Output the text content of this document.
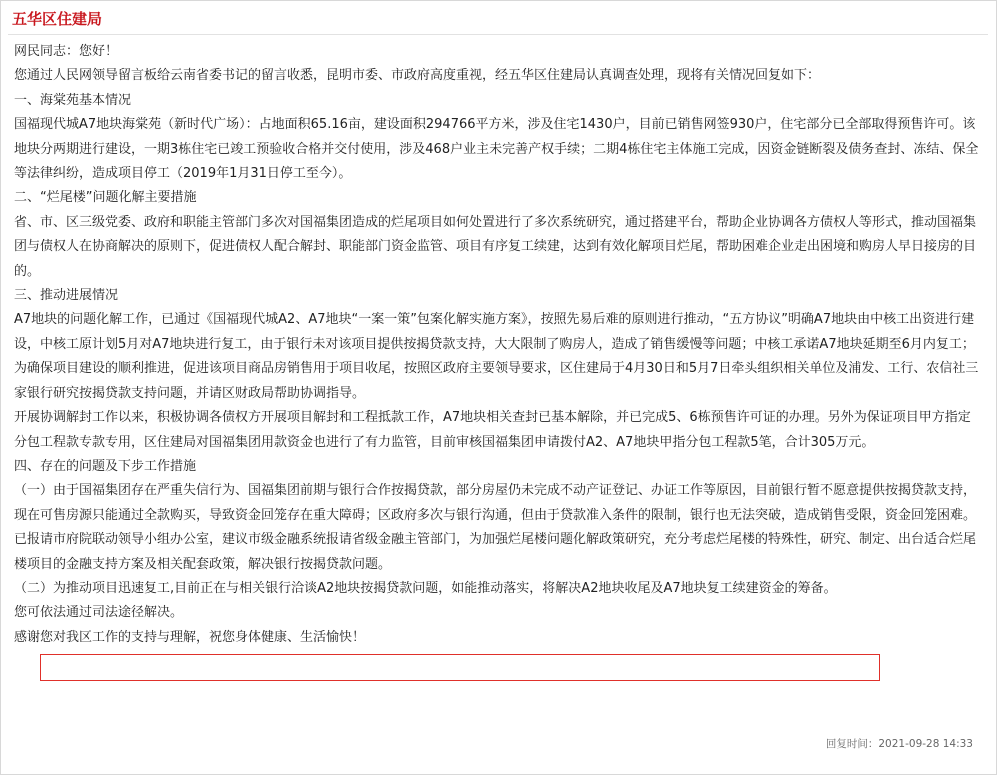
五华区住建局

网民同志：您好！

您通过人民网领导留言板给云南省委书记的留言收悉，昆明市委、市政府高度重视，经五华区住建局认真调查处理，现将有关情况回复如下：

一、海棠苑基本情况

国福现代城A7地块海棠苑（新时代广场）：占地面积65.16亩，建设面积294766平方米，涉及住宅1430户，目前已销售网签930户，住宅部分已全部取得预售许可。该地块分两期进行建设，一期3栋住宅已竣工预验收合格并交付使用，涉及468户业主未完善产权手续；二期4栋住宅主体施工完成，因资金链断裂及债务查封、冻结、保全等法律纠纷，造成项目停工（2019年1月31日停工至今）。

二、“烂尾楼”问题化解主要措施

省、市、区三级党委、政府和职能主管部门多次对国福集团造成的烂尾项目如何处置进行了多次系统研究，通过搭建平台，帮助企业协调各方债权人等形式，推动国福集团与债权人在协商解决的原则下，促进债权人配合解封、职能部门资金监管、项目有序复工续建，达到有效化解项目烂尾，帮助困难企业走出困境和购房人早日接房的目的。

三、推动进展情况

A7地块的问题化解工作，已通过《国福现代城A2、A7地块“一案一策”包案化解实施方案》，按照先易后难的原则进行推动，“五方协议”明确A7地块由中核工出资进行建设，中核工原计划5月对A7地块进行复工，由于银行未对该项目提供按揭贷款支持，大大限制了购房人，造成了销售缓慢等问题；中核工承诺A7地块延期至6月内复工；为确保项目建设的顺利推进，促进该项目商品房销售用于项目收尾，按照区政府主要领导要求，区住建局于4月30日和5月7日牵头组织相关单位及浦发、工行、农信社三家银行研究按揭贷款支持问题，并请区财政局帮助协调指导。

开展协调解封工作以来，积极协调各债权方开展项目解封和工程抵款工作，A7地块相关查封已基本解除，并已完成5、6栋预售许可证的办理。另外为保证项目甲方指定分包工程款专款专用，区住建局对国福集团用款资金也进行了有力监管，目前审核国福集团申请拨付A2、A7地块甲指分包工程款5笔，合计305万元。

四、存在的问题及下步工作措施

（一）由于国福集团存在严重失信行为、国福集团前期与银行合作按揭贷款，部分房屋仍未完成不动产证登记、办证工作等原因，目前银行暂不愿意提供按揭贷款支持，现在可售房源只能通过全款购买，导致资金回笼存在重大障碍；区政府多次与银行沟通，但由于贷款准入条件的限制，银行也无法突破，造成销售受限，资金回笼困难。

已报请市府院联动领导小组办公室，建议市级金融系统报请省级金融主管部门，为加强烂尾楼问题化解政策研究，充分考虑烂尾楼的特殊性，研究、制定、出台适合烂尾楼项目的金融支持方案及相关配套政策，解决银行按揭贷款问题。

（二）为推动项目迅速复工,目前正在与相关银行洽谈A2地块按揭贷款问题，如能推动落实，将解决A2地块收尾及A7地块复工续建资金的筹备。

您可依法通过司法途径解决。

感谢您对我区工作的支持与理解，祝您身体健康、生活愉快！

回复时间：2021-09-28 14:33
